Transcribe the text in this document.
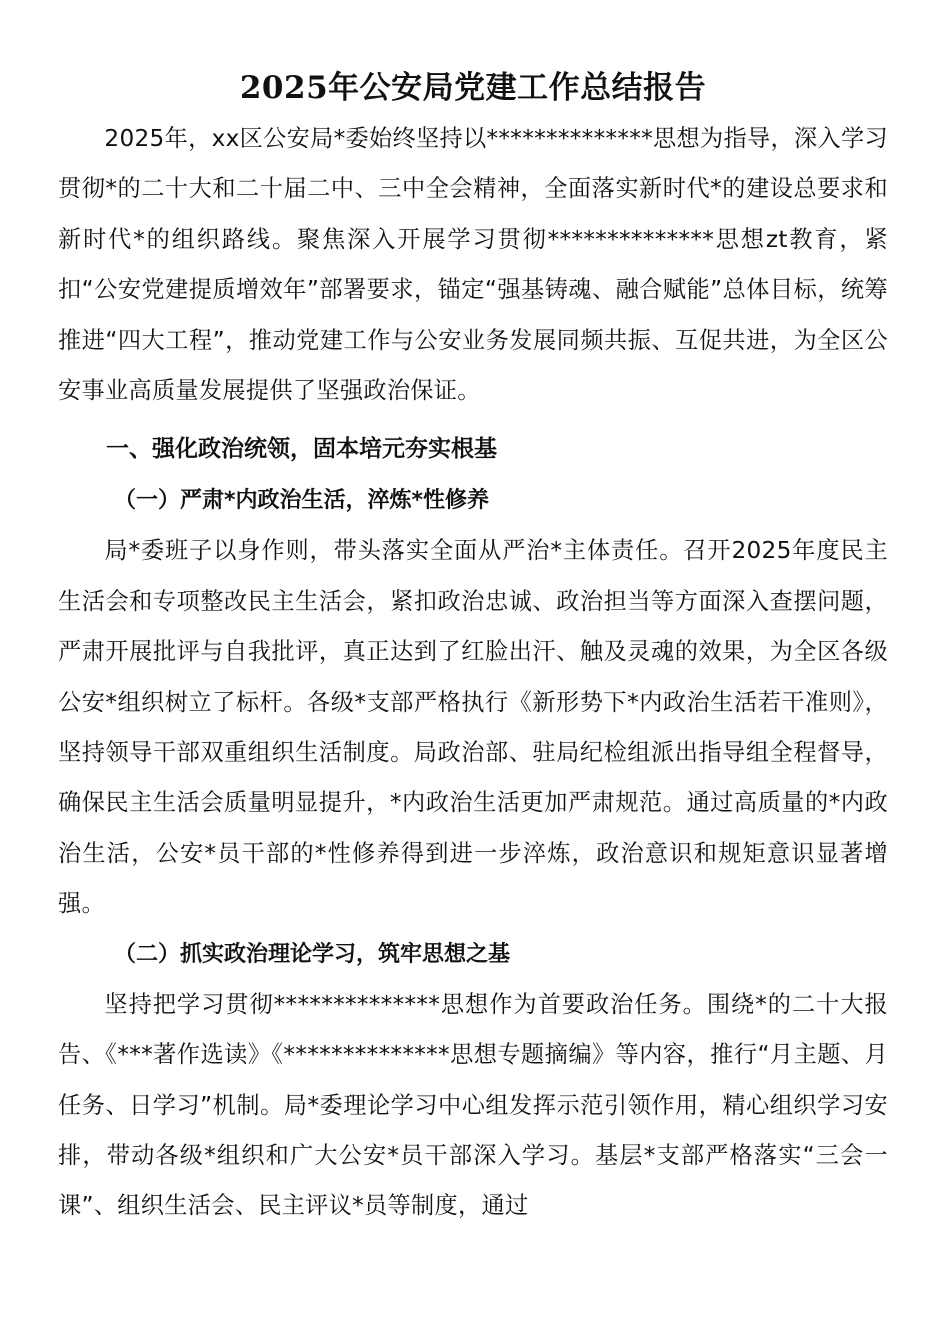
2025年公安局党建工作总结报告

2025年，xx区公安局*委始终坚持以**************思想为指导，深入学习贯彻*的二十大和二十届二中、三中全会精神，全面落实新时代*的建设总要求和新时代*的组织路线。聚焦深入开展学习贯彻**************思想zt教育，紧扣“公安党建提质增效年”部署要求，锚定“强基铸魂、融合赋能”总体目标，统筹推进“四大工程”，推动党建工作与公安业务发展同频共振、互促共进，为全区公安事业高质量发展提供了坚强政治保证。

一、强化政治统领，固本培元夯实根基
（一）严肃*内政治生活，淬炼*性修养

局*委班子以身作则，带头落实全面从严治*主体责任。召开2025年度民主生活会和专项整改民主生活会，紧扣政治忠诚、政治担当等方面深入查摆问题，严肃开展批评与自我批评，真正达到了红脸出汗、触及灵魂的效果，为全区各级公安*组织树立了标杆。各级*支部严格执行《新形势下*内政治生活若干准则》，坚持领导干部双重组织生活制度。局政治部、驻局纪检组派出指导组全程督导，确保民主生活会质量明显提升，*内政治生活更加严肃规范。通过高质量的*内政治生活，公安*员干部的*性修养得到进一步淬炼，政治意识和规矩意识显著增强。

（二）抓实政治理论学习，筑牢思想之基

坚持把学习贯彻**************思想作为首要政治任务。围绕*的二十大报告、《***著作选读》《**************思想专题摘编》等内容，推行“月主题、月任务、日学习”机制。局*委理论学习中心组发挥示范引领作用，精心组织学习安排，带动各级*组织和广大公安*员干部深入学习。基层*支部严格落实“三会一课”、组织生活会、民主评议*员等制度，通过
